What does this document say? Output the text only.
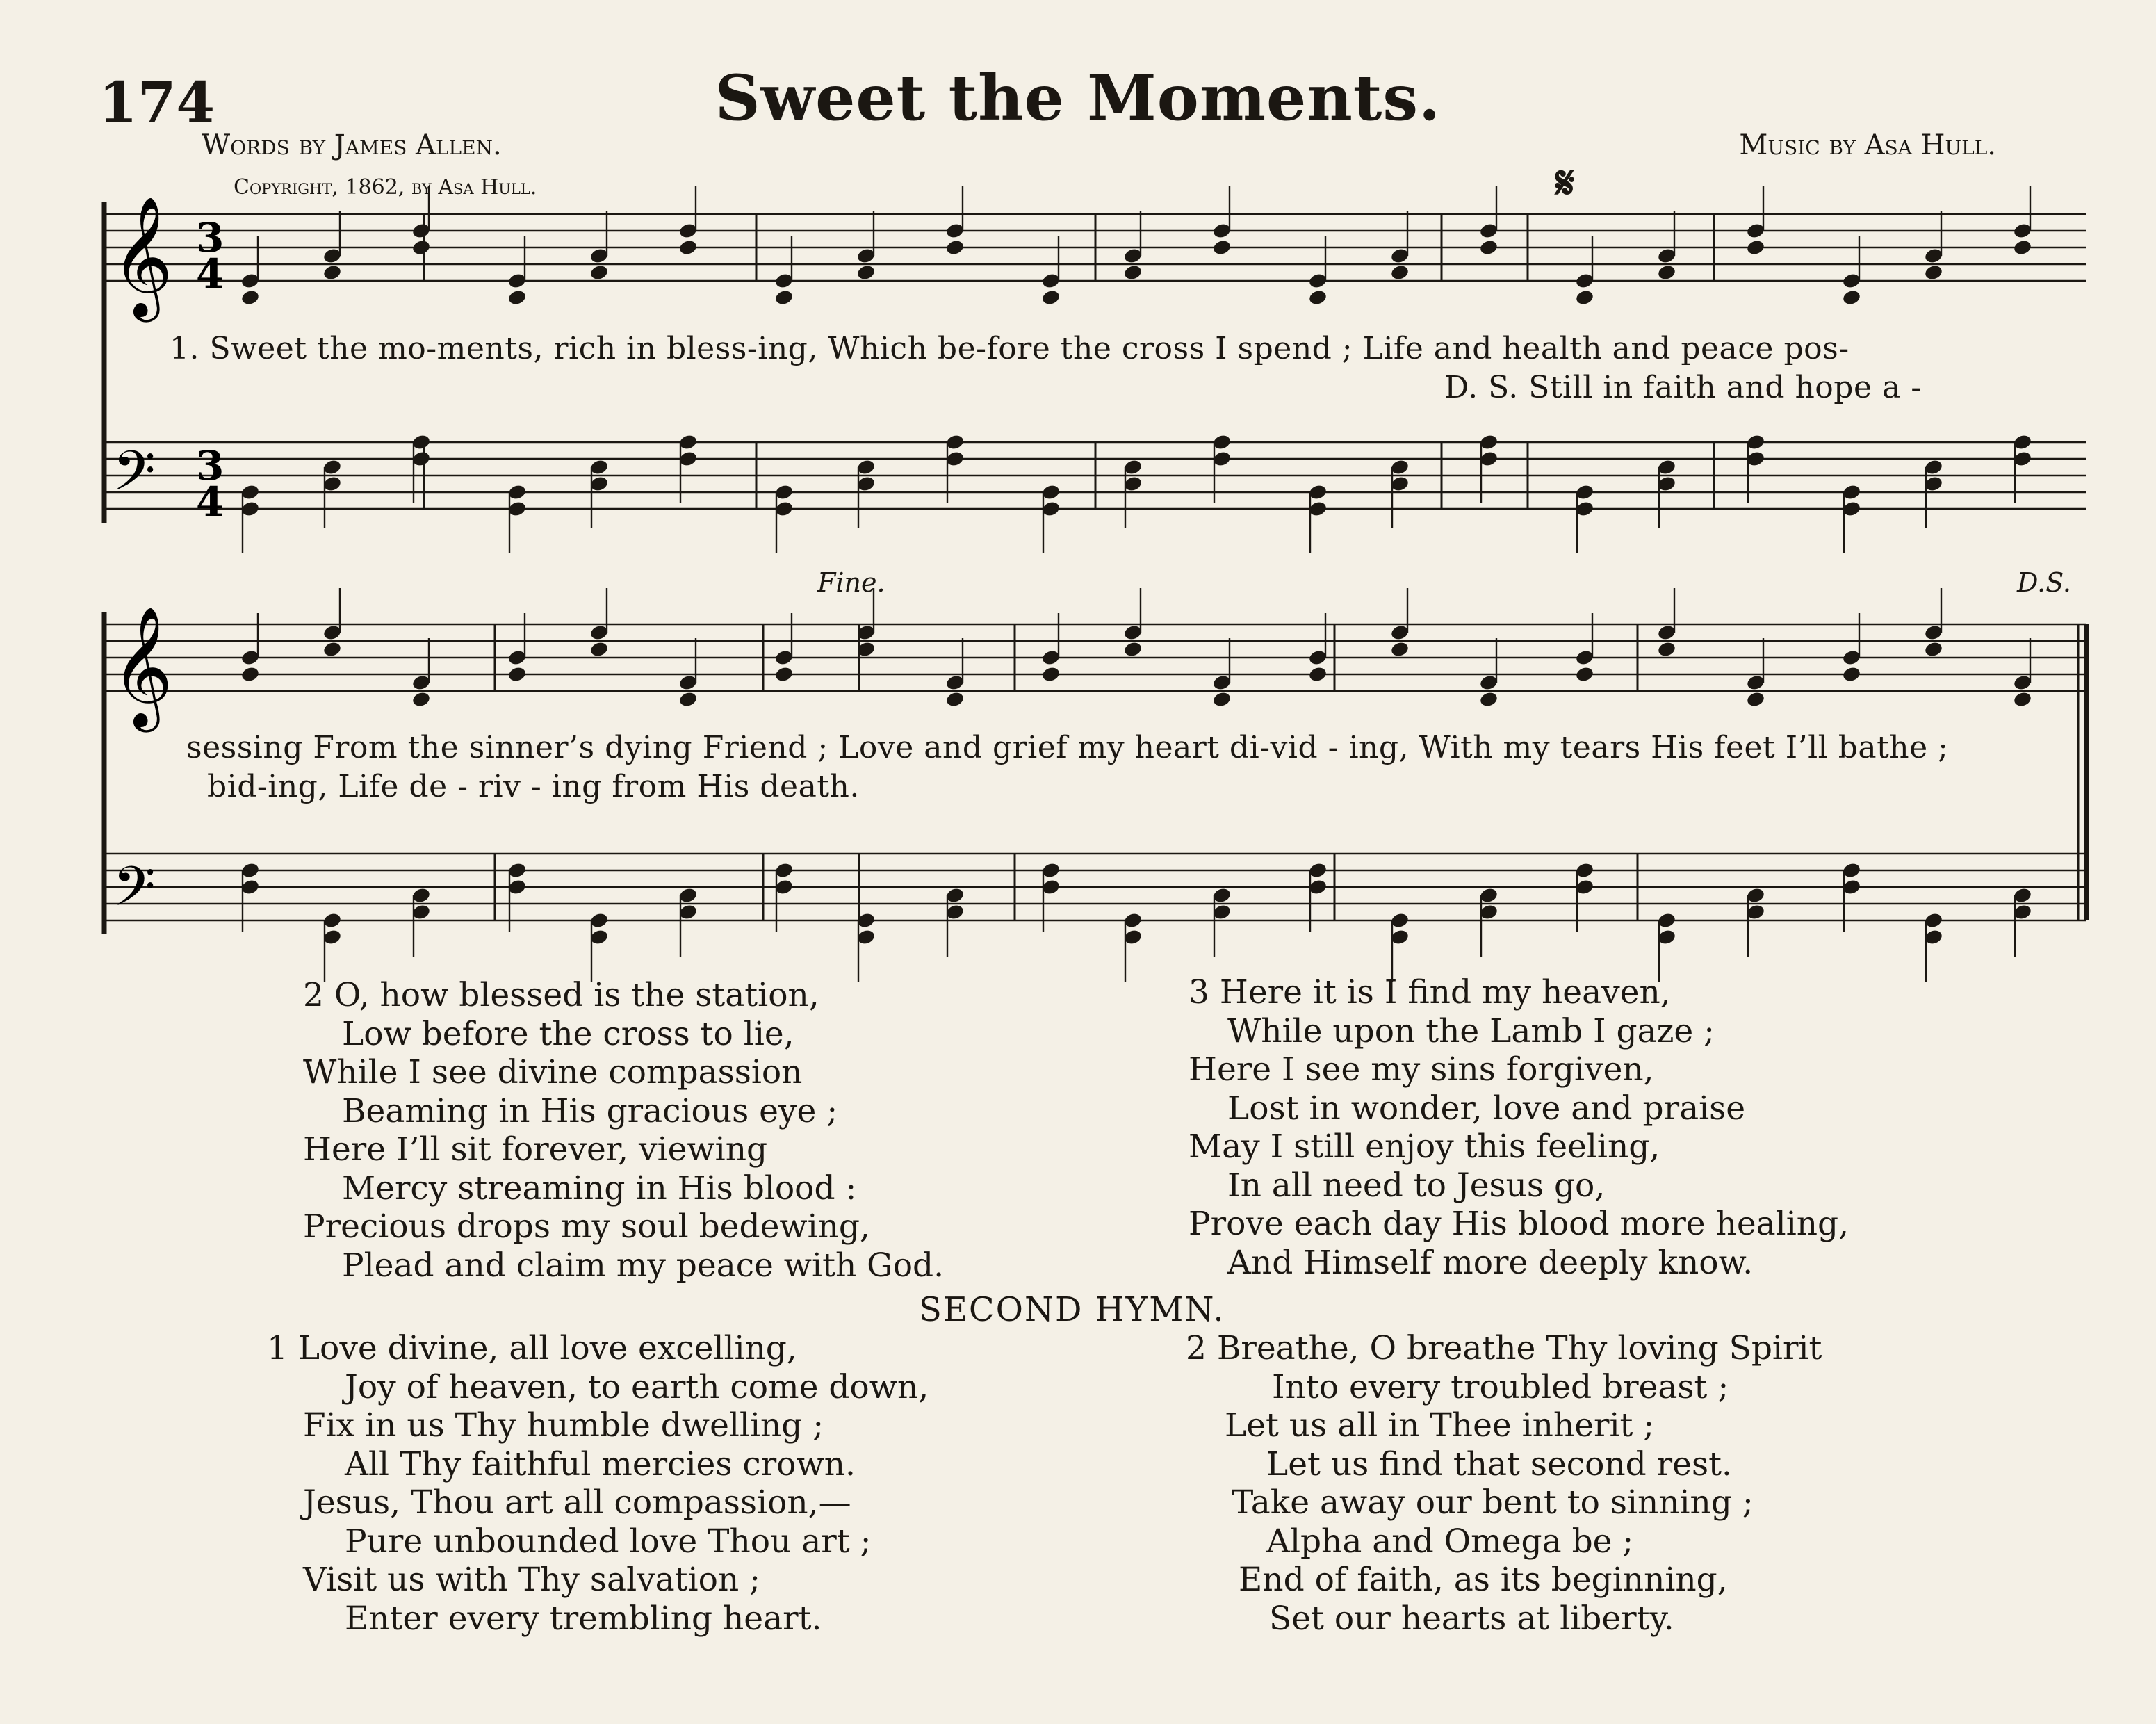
174	Sweet the Moments.
Words by James Allen.	Music by Asa Hull.
Copyright, 1862, by Asa Hull.	𝄋
Fine.	D.S.
𝄞
𝄢
𝄞
𝄢
3
4
3
4
1. Sweet the mo-ments, rich in bless-ing, Which be-fore the cross I spend ; Life and health and peace pos-
D. S. Still in faith and hope a -
sessing From the sinner’s dying Friend ; Love and grief my heart di-vid - ing, With my tears His feet I’ll bathe ;
bid-ing, Life de - riv - ing from His death.
2 O, how blessed is the station,
Low before the cross to lie,
While I see divine compassion
Beaming in His gracious eye ;
Here I’ll sit forever, viewing
Mercy streaming in His blood :
Precious drops my soul bedewing,
Plead and claim my peace with God.
3 Here it is I find my heaven,
While upon the Lamb I gaze ;
Here I see my sins forgiven,
Lost in wonder, love and praise
May I still enjoy this feeling,
In all need to Jesus go,
Prove each day His blood more healing,
And Himself more deeply know.
SECOND HYMN.
1 Love divine, all love excelling,
Joy of heaven, to earth come down,
Fix in us Thy humble dwelling ;
All Thy faithful mercies crown.
Jesus, Thou art all compassion,—
Pure unbounded love Thou art ;
Visit us with Thy salvation ;
Enter every trembling heart.
2 Breathe, O breathe Thy loving Spirit
Into every troubled breast ;
Let us all in Thee inherit ;
Let us find that second rest.
Take away our bent to sinning ;
Alpha and Omega be ;
End of faith, as its beginning,
Set our hearts at liberty.
